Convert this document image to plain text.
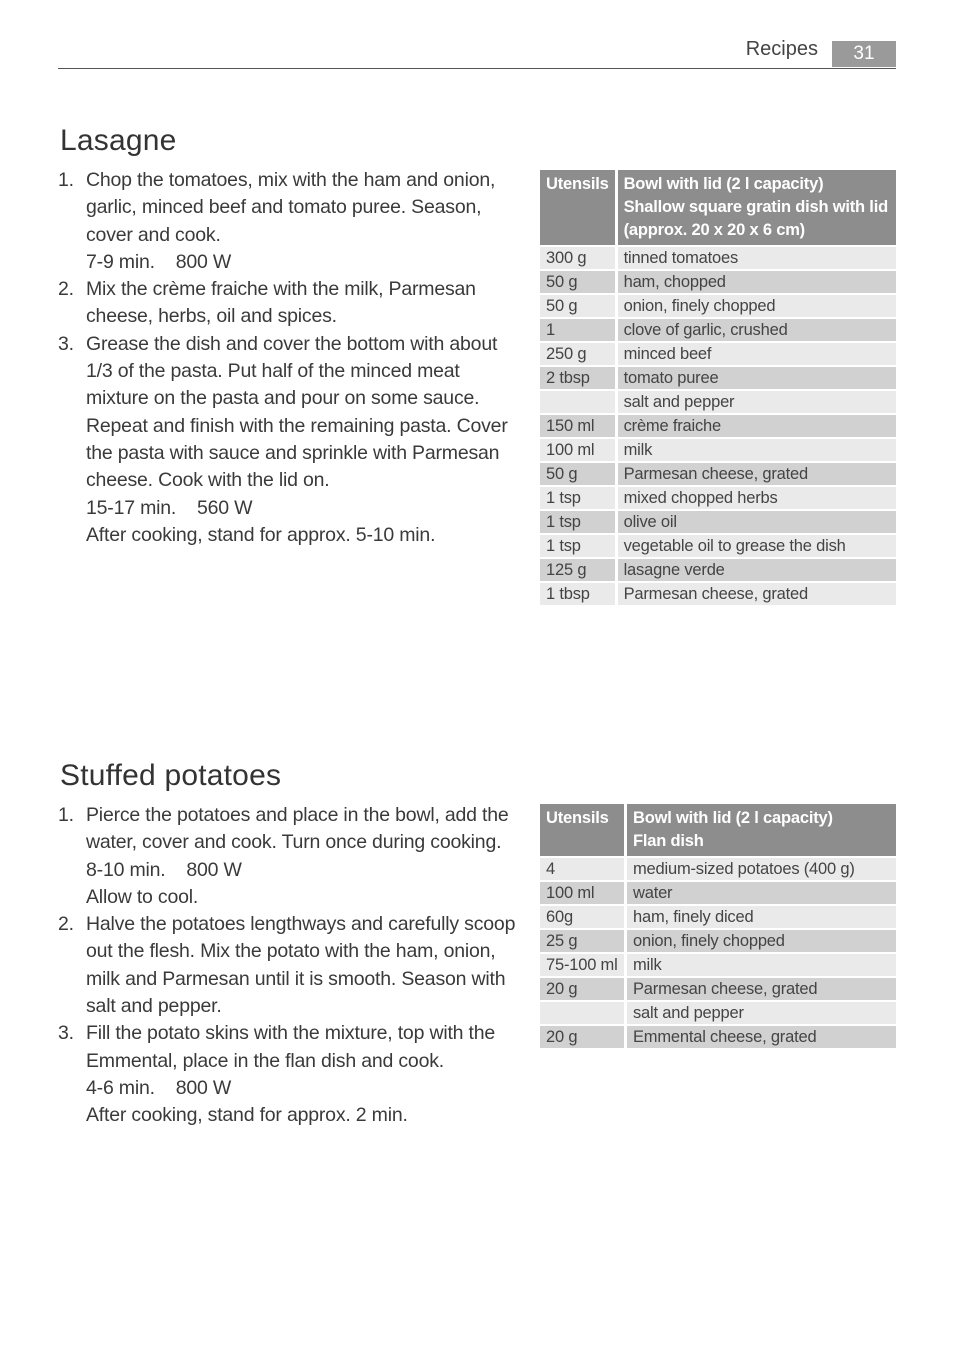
Recipes	31
Lasagne
1. Chop the tomatoes, mix with the ham and onion,
garlic, minced beef and tomato puree. Season,
cover and cook.
7-9 min.    800 W
2. Mix the crème fraiche with the milk, Parmesan
cheese, herbs, oil and spices.
3. Grease the dish and cover the bottom with about
1/3 of the pasta. Put half of the minced meat
mixture on the pasta and pour on some sauce.
Repeat and finish with the remaining pasta. Cover
the pasta with sauce and sprinkle with Parmesan
cheese. Cook with the lid on.
15-17 min.    560 W
After cooking, stand for approx. 5-10 min.
Utensils	Bowl with lid (2 l capacity)
Shallow square gratin dish with lid
(approx. 20 x 20 x 6 cm)

300 g	tinned tomatoes
50 g	ham, chopped
50 g	onion, finely chopped
1	clove of garlic, crushed
250 g	minced beef
2 tbsp	tomato puree
	salt and pepper
150 ml	crème fraiche
100 ml	milk
50 g	Parmesan cheese, grated
1 tsp	mixed chopped herbs
1 tsp	olive oil
1 tsp	vegetable oil to grease the dish
125 g	lasagne verde
1 tbsp	Parmesan cheese, grated
Stuffed potatoes
1. Pierce the potatoes and place in the bowl, add the
water, cover and cook. Turn once during cooking.
8-10 min.    800 W
Allow to cool.
2. Halve the potatoes lengthways and carefully scoop
out the flesh. Mix the potato with the ham, onion,
milk and Parmesan until it is smooth. Season with
salt and pepper.
3. Fill the potato skins with the mixture, top with the
Emmental, place in the flan dish and cook.
4-6 min.    800 W
After cooking, stand for approx. 2 min.
Utensils	Bowl with lid (2 l capacity)
Flan dish

4	medium-sized potatoes (400 g)
100 ml	water
60g	ham, finely diced
25 g	onion, finely chopped
75-100 ml	milk
20 g	Parmesan cheese, grated
	salt and pepper
20 g	Emmental cheese, grated
